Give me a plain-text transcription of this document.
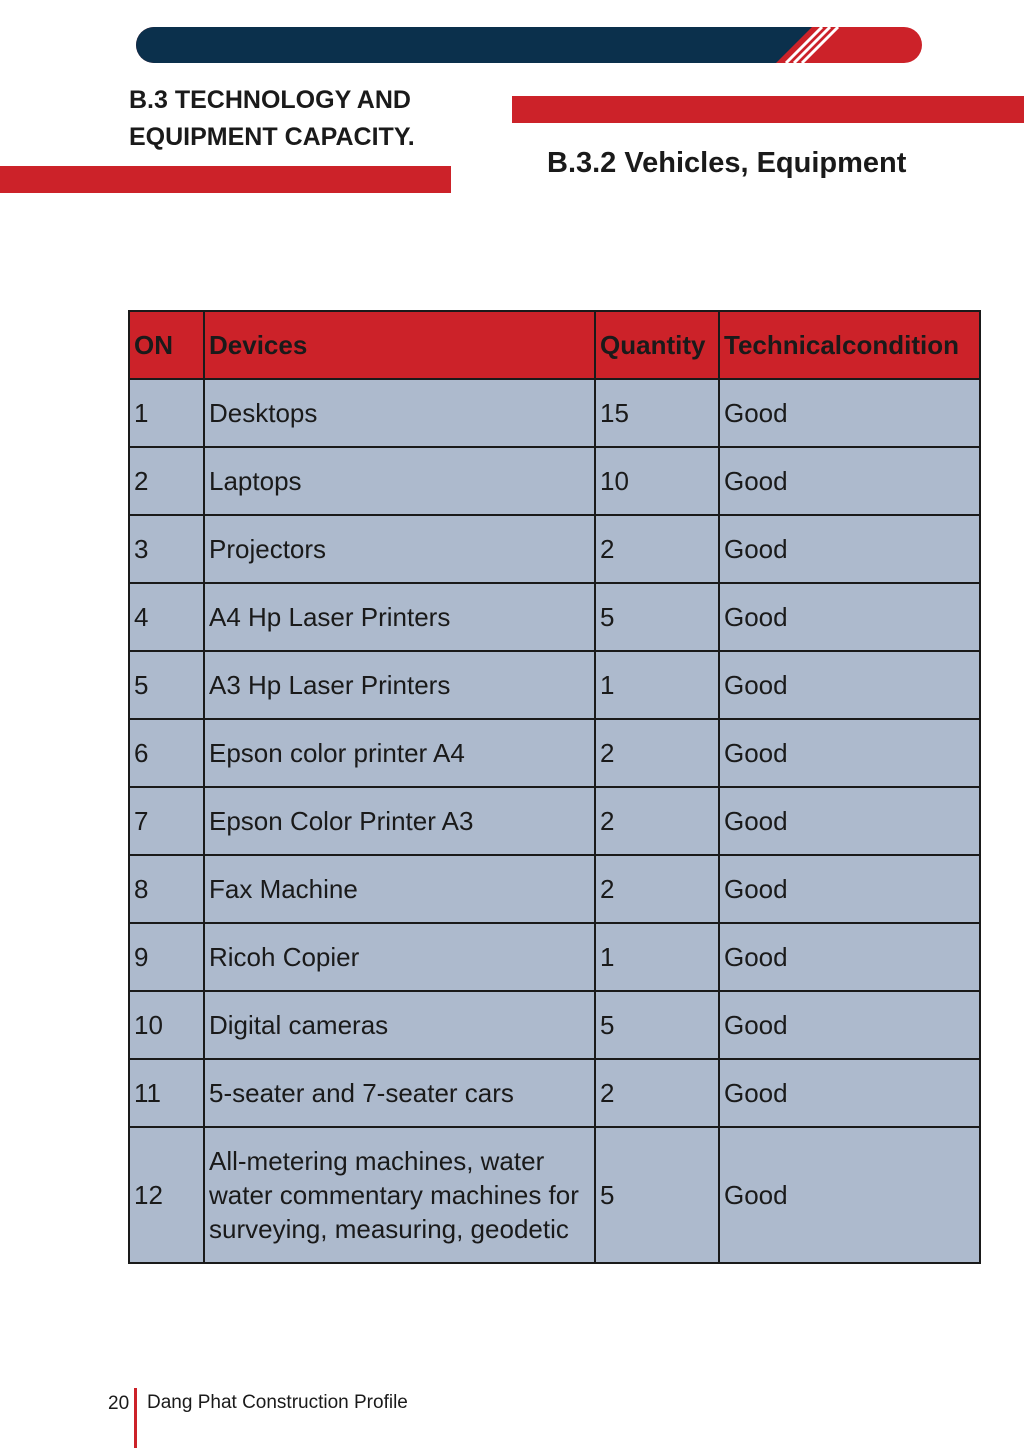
B.3 TECHNOLOGY AND
EQUIPMENT CAPACITY.
B.3.2 Vehicles, Equipment
ON	Devices	Quantity	Technicalcondition
1	Desktops	15	Good
2	Laptops	10	Good
3	Projectors	2	Good
4	A4 Hp Laser Printers	5	Good
5	A3 Hp Laser Printers	1	Good
6	Epson color printer A4	2	Good
7	Epson Color Printer A3	2	Good
8	Fax Machine	2	Good
9	Ricoh Copier	1	Good
10	Digital cameras	5	Good
11	5-seater and 7-seater cars	2	Good
12	All-metering machines, water water commentary machines for surveying, measuring, geodetic	5	Good
20 Dang Phat Construction Profile
